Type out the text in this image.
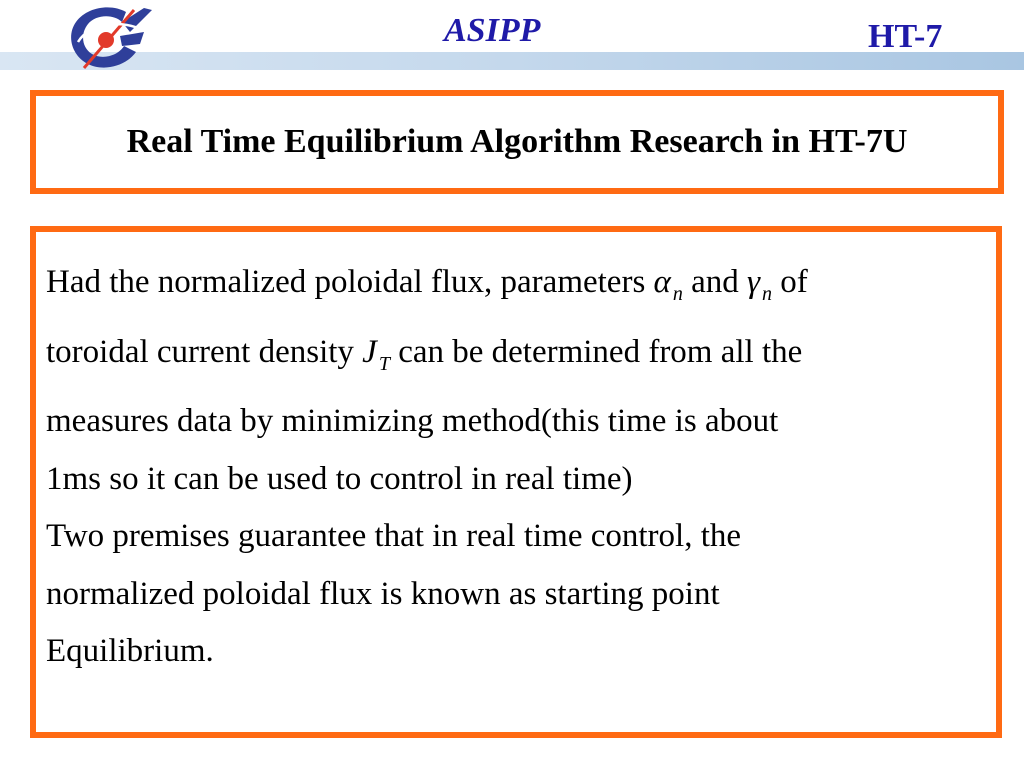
ASIPP	HT-7
Real Time Equilibrium Algorithm Research in HT-7U
Had the normalized poloidal flux, parameters α $_n$ and γ $_n$ of
toroidal current density J $_T$ can be determined from all the
measures data by minimizing method(this time is about
1ms so it can be used to control in real time)
Two premises guarantee that in real time control, the
normalized poloidal flux is known as starting point
Equilibrium.
